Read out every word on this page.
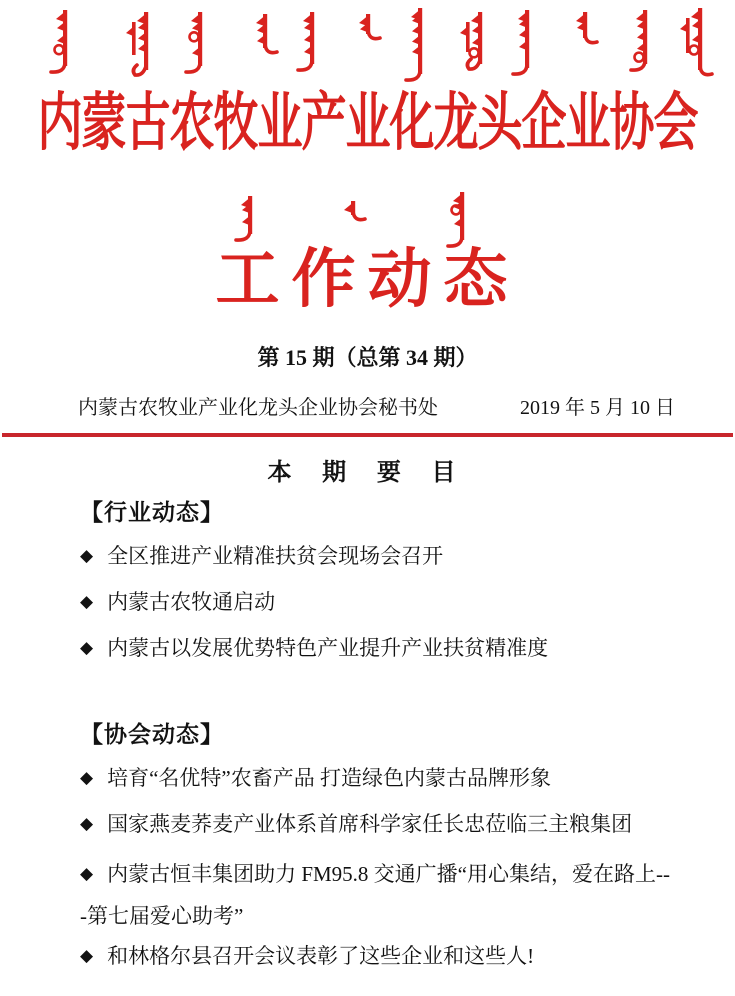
内蒙古农牧业产业化龙头企业协会
工作动态
第 15 期（总第 34 期）
内蒙古农牧业产业化龙头企业协会秘书处	2019 年 5 月 10 日
本 期 要 目

【行业动态】

◆ 全区推进产业精准扶贫会现场会召开

◆ 内蒙古农牧通启动

◆ 内蒙古以发展优势特色产业提升产业扶贫精准度

【协会动态】

◆ 培育“名优特”农畜产品 打造绿色内蒙古品牌形象

◆ 国家燕麦荞麦产业体系首席科学家任长忠莅临三主粮集团

◆ 内蒙古恒丰集团助力 FM95.8 交通广播“用心集结，爱在路上---第七届爱心助考”

◆ 和林格尔县召开会议表彰了这些企业和这些人!
